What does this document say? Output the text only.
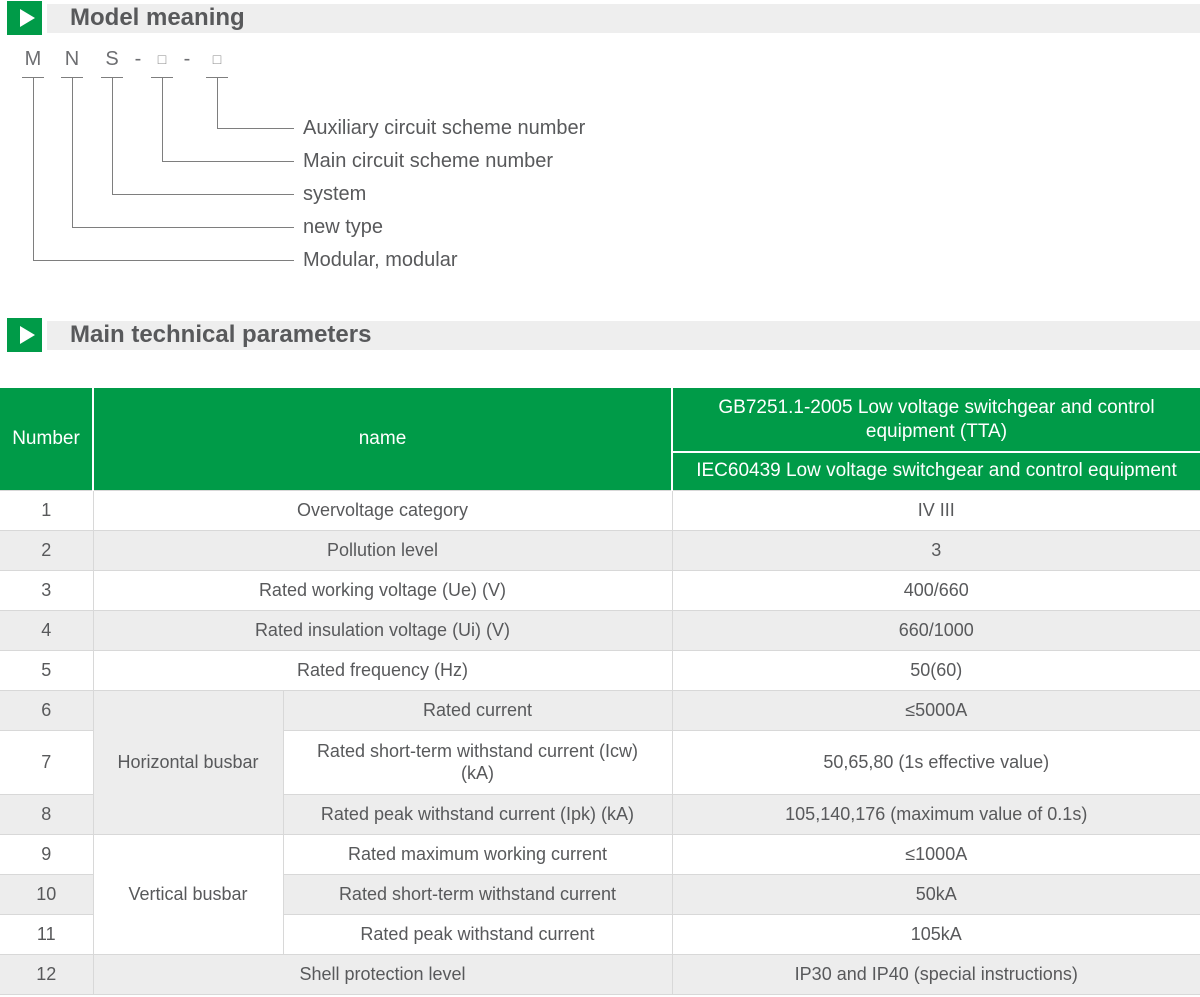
Model meaning
M	N	S -	□ -	□
Auxiliary circuit scheme number
Main circuit scheme number
system
new type
Modular, modular
Main technical parameters
Number	name		GB7251.1-2005 Low voltage switchgear and control equipment (TTA)
			IEC60439 Low voltage switchgear and control equipment
1	Overvoltage category		IV III
2	Pollution level		3
3	Rated working voltage (Ue) (V)		400/660
4	Rated insulation voltage (Ui) (V)		660/1000
5	Rated frequency (Hz)		50(60)
6	Horizontal busbar	Rated current	≤5000A
7		Rated short-term withstand current (Icw) (kA)	50,65,80 (1s effective value)
8		Rated peak withstand current (Ipk) (kA)	105,140,176 (maximum value of 0.1s)
9	Vertical busbar	Rated maximum working current	≤1000A
10		Rated short-term withstand current	50kA
11		Rated peak withstand current	105kA
12	Shell protection level		IP30 and IP40 (special instructions)
